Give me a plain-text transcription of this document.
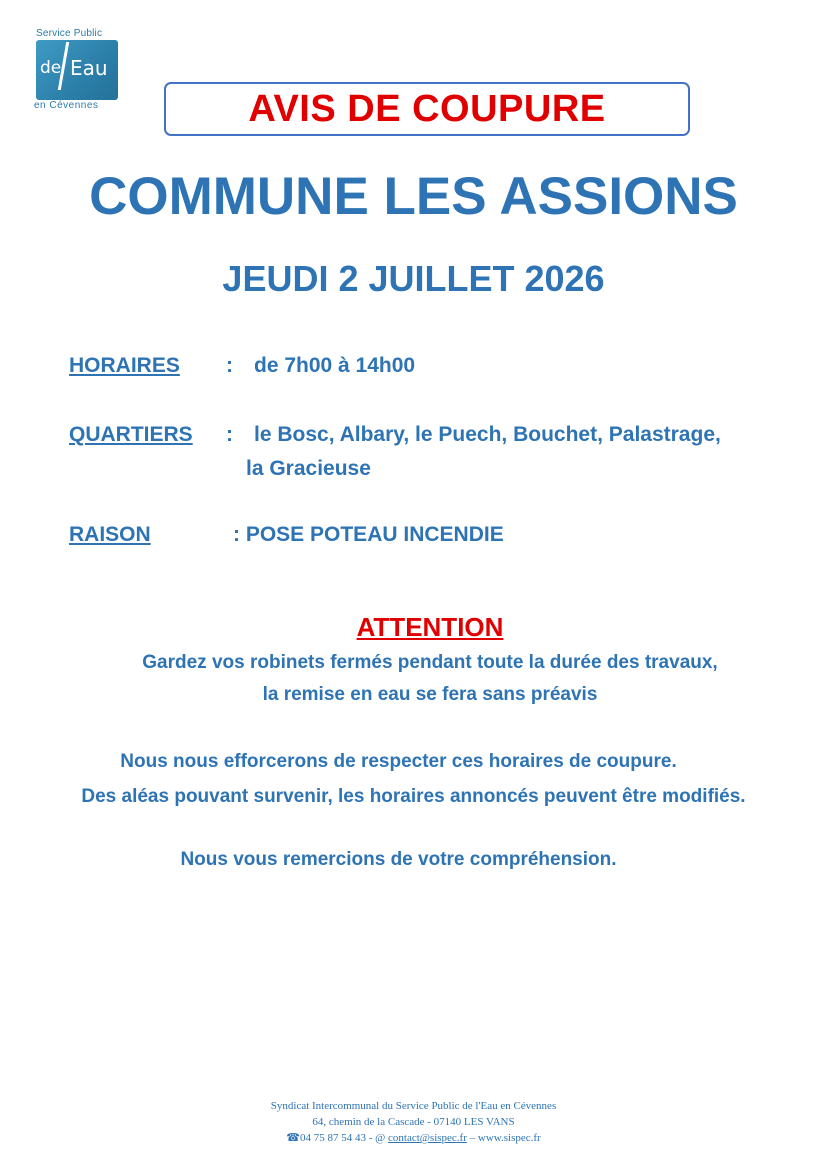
Service Public
de Eau
en Cévennes	AVIS DE COUPURE
COMMUNE LES ASSIONS
JEUDI 2 JUILLET 2026
HORAIRES : de 7h00 à 14h00
QUARTIERS : le Bosc, Albary, le Puech, Bouchet, Palastrage,
la Gracieuse
RAISON	: POSE POTEAU INCENDIE
ATTENTION
Gardez vos robinets fermés pendant toute la durée des travaux,
la remise en eau se fera sans préavis
Nous nous efforcerons de respecter ces horaires de coupure.
Des aléas pouvant survenir, les horaires annoncés peuvent être modifiés.
Nous vous remercions de votre compréhension.
Syndicat Intercommunal du Service Public de l'Eau en Cévennes
64, chemin de la Cascade - 07140 LES VANS
☎04 75 87 54 43 - @ contact@sispec.fr – www.sispec.fr
